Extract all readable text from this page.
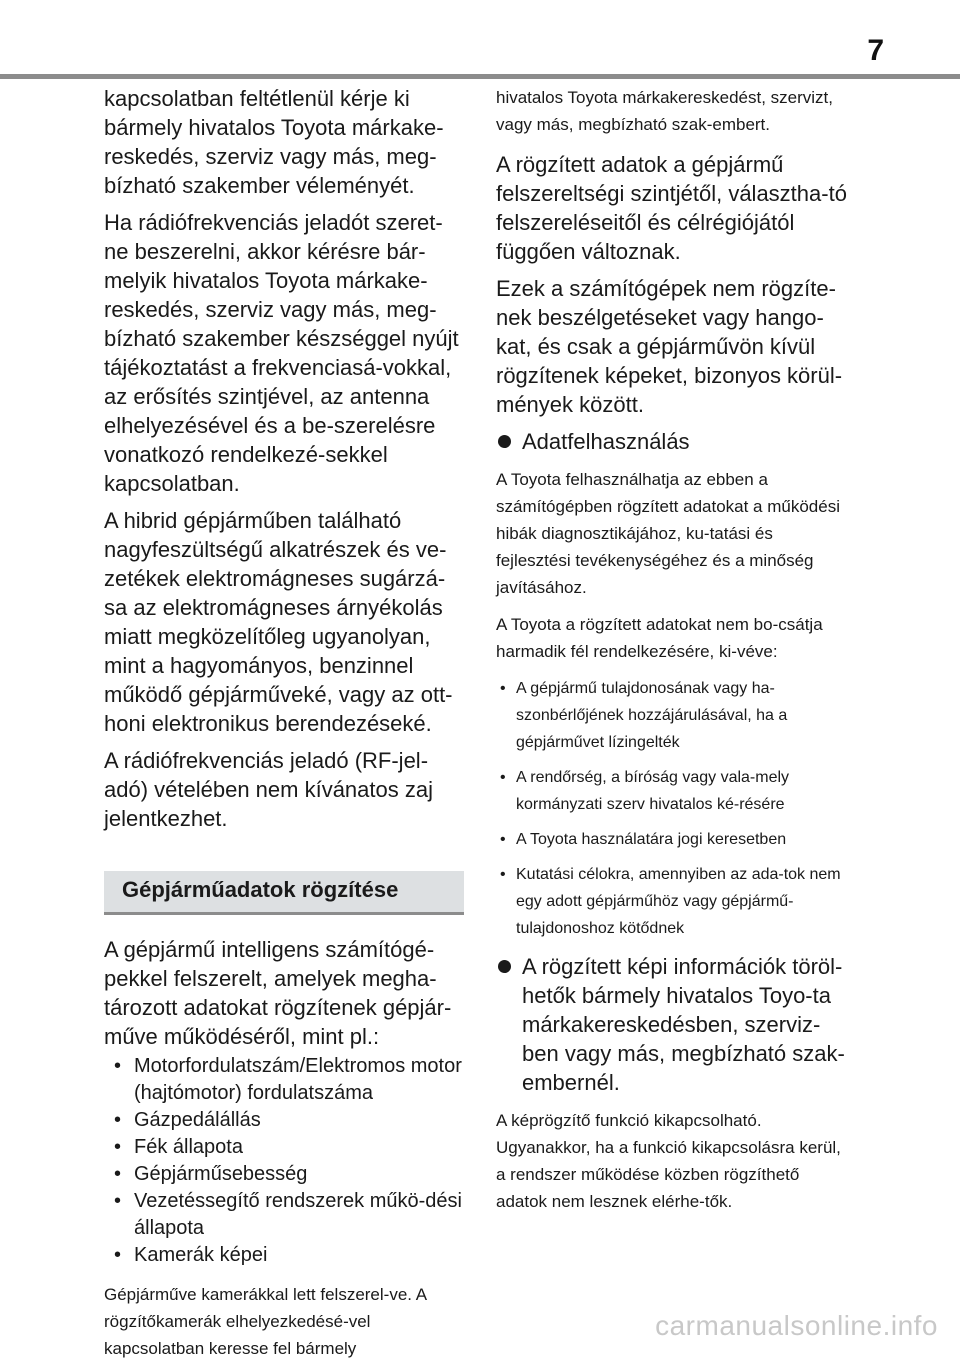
7

kapcsolatban feltétlenül kérje ki bármely hivatalos Toyota márkake-reskedés, szerviz vagy más, meg-bízható szakember véleményét.

Ha rádiófrekvenciás jeladót szeret-ne beszerelni, akkor kérésre bár-melyik hivatalos Toyota márkake-reskedés, szerviz vagy más, meg-bízható szakember készséggel nyújt tájékoztatást a frekvenciasá-vokkal, az erősítés szintjével, az antenna elhelyezésével és a be-szerelésre vonatkozó rendelkezé-sekkel kapcsolatban.

A hibrid gépjárműben található nagyfeszültségű alkatrészek és ve-zetékek elektromágneses sugárzá-sa az elektromágneses árnyékolás miatt megközelítőleg ugyanolyan, mint a hagyományos, benzinnel működő gépjárműveké, vagy az ott-honi elektronikus berendezéseké.

A rádiófrekvenciás jeladó (RF-jel-adó) vételében nem kívánatos zaj jelentkezhet.

Gépjárműadatok rögzítése

A gépjármű intelligens számítógé-pekkel felszerelt, amelyek megha-tározott adatokat rögzítenek gépjár-műve működéséről, mint pl.:

• Motorfordulatszám/Elektromos motor (hajtómotor) fordulatszáma
• Gázpedálállás
• Fék állapota
• Gépjárműsebesség
• Vezetéssegítő rendszerek műkö-dési állapota
• Kamerák képei

Gépjárműve kamerákkal lett felszerel-ve. A rögzítőkamerák elhelyezkedésé-vel kapcsolatban keresse fel bármely

hivatalos Toyota márkakereskedést, szervizt, vagy más, megbízható szak-embert.

A rögzített adatok a gépjármű felszereltségi szintjétől, választha-tó felszereléseitől és célrégiójától függően változnak.

Ezek a számítógépek nem rögzíte-nek beszélgetéseket vagy hango-kat, és csak a gépjárművön kívül rögzítenek képeket, bizonyos körül-mények között.

Adatfelhasználás

A Toyota felhasználhatja az ebben a számítógépben rögzített adatokat a működési hibák diagnosztikájához, ku-tatási és fejlesztési tevékenységéhez és a minőség javításához.

A Toyota a rögzített adatokat nem bo-csátja harmadik fél rendelkezésére, ki-véve:

• A gépjármű tulajdonosának vagy ha-szonbérlőjének hozzájárulásával, ha a gépjárművet lízingelték
• A rendőrség, a bíróság vagy vala-mely kormányzati szerv hivatalos ké-résére
• A Toyota használatára jogi keresetben
• Kutatási célokra, amennyiben az ada-tok nem egy adott gépjárműhöz vagy gépjármű-tulajdonoshoz kötődnek
A rögzített képi információk töröl-hetők bármely hivatalos Toyo-ta márkakereskedésben, szerviz-ben vagy más, megbízható szak-embernél.

A képrögzítő funkció kikapcsolható. Ugyanakkor, ha a funkció kikapcsolásra kerül, a rendszer működése közben rögzíthető adatok nem lesznek elérhe-tők.

carmanualsonline.info
